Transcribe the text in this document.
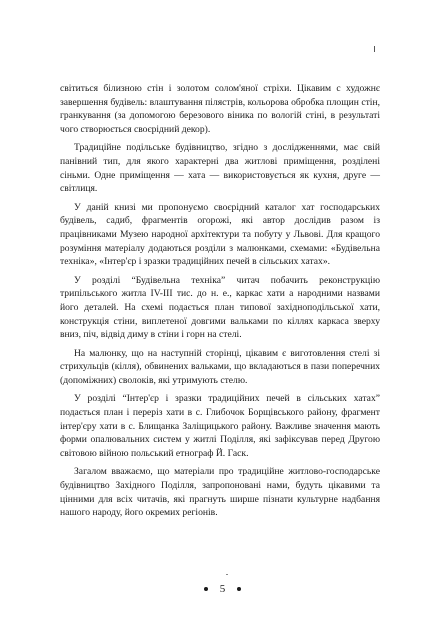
світиться білизною стін і золотом солом'яної стріхи. Цікавим с художнє завершення будівель: влаштування пілястрів, кольорова обробка площин стін, гранкування (за допомогою березового віника по вологій стіні, в результаті чого створюється своєрідний декор).

Традиційне подільське будівництво, згідно з дослідженнями, має свій панівний тип, для якого характерні два житлові приміщення, розділені сіньми. Одне приміщення — хата — використовується як кухня, друге — світлиця.

У даній книзі ми пропонуємо своєрідний каталог хат господарських будівель, садиб, фрагментів огорожі, які автор дослідив разом із працівниками Музею народної архітектури та побуту у Львові. Для кращого розуміння матеріалу додаються розділи з малюнками, схемами: «Будівельна техніка», «Інтер'єр і зразки традиційних печей в сільських хатах».

У розділі “Будівельна техніка” читач побачить реконструкцію трипільського житла IV-III тис. до н. е., каркас хати а народними назвами його деталей. На схемі подається план типової західноподільської хати, конструкція стіни, виплетеної довгими вальками по кіллях каркаса зверху вниз, піч, відвід диму в стіни і горн на стелі.

На малюнку, що на наступній сторінці, цікавим є виготовлення стелі зі стрихульців (кілля), обвинених вальками, що вкладаються в пази поперечних (допоміжних) сволоків, які утримують стелю.

У розділі “Інтер'єр і зразки традиційних печей в сільських хатах” подається план і переріз хати в с. Глибочок Борщівського району, фрагмент інтер'єру хати в с. Блищанка Заліщицького району. Важливе значення мають форми опалювальних систем у житлі Поділля, які зафіксував перед Другою світовою війною польський етнограф Й. Гаск.

Загалом вважаємо, що матеріали про традиційне житлово-господарське будівництво Західного Поділля, запропоновані нами, будуть цікавими та цінними для всіх читачів, які прагнуть ширше пізнати культурне надбання нашого народу, його окремих регіонів.

5
